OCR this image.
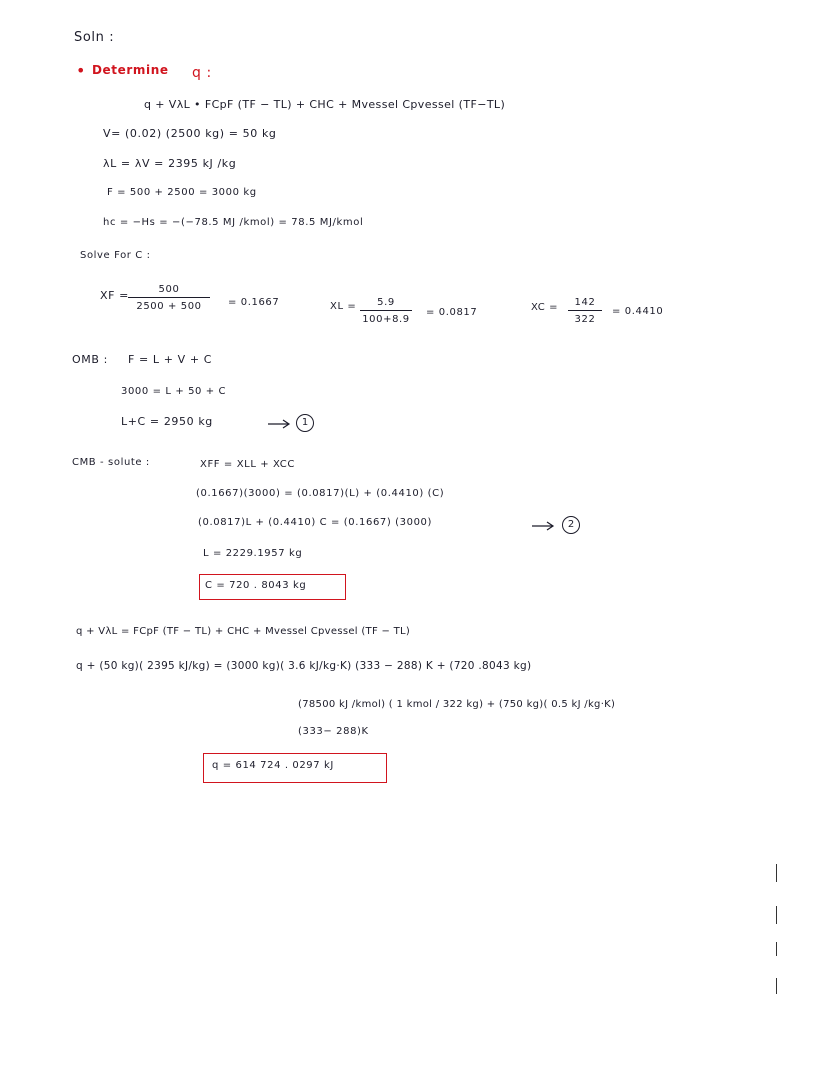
Soln :
• Determine q :
q + VλL • FCpF (TF − TL) + CHC + Mvessel Cpvessel (TF−TL)
V= (0.02) (2500 kg) = 50 kg
λL = λV = 2395 kJ /kg
F = 500 + 2500 = 3000 kg
hc = −Hs = −(−78.5 MJ /kmol) = 78.5 MJ/kmol
Solve For C :
XF =	500
2500 + 500	= 0.1667	XL =	5.9
100+8.9
= 0.0817	XC =	142
322
= 0.4410
OMB : F = L + V + C
3000 = L + 50 + C
L+C = 2950 kg	1
CMB - solute :	XFF = XLL + XCC
(0.1667)(3000) = (0.0817)(L) + (0.4410) (C)
(0.0817)L + (0.4410) C = (0.1667) (3000)	2
L = 2229.1957 kg
C = 720 . 8043 kg
q + VλL = FCpF (TF − TL) + CHC + Mvessel Cpvessel (TF − TL)
q + (50 kg)( 2395 kJ/kg) = (3000 kg)( 3.6 kJ/kg·K) (333 − 288) K + (720 .8043 kg)
(78500 kJ /kmol) ( 1 kmol / 322 kg) + (750 kg)( 0.5 kJ /kg·K)
(333− 288)K
q = 614 724 . 0297 kJ
